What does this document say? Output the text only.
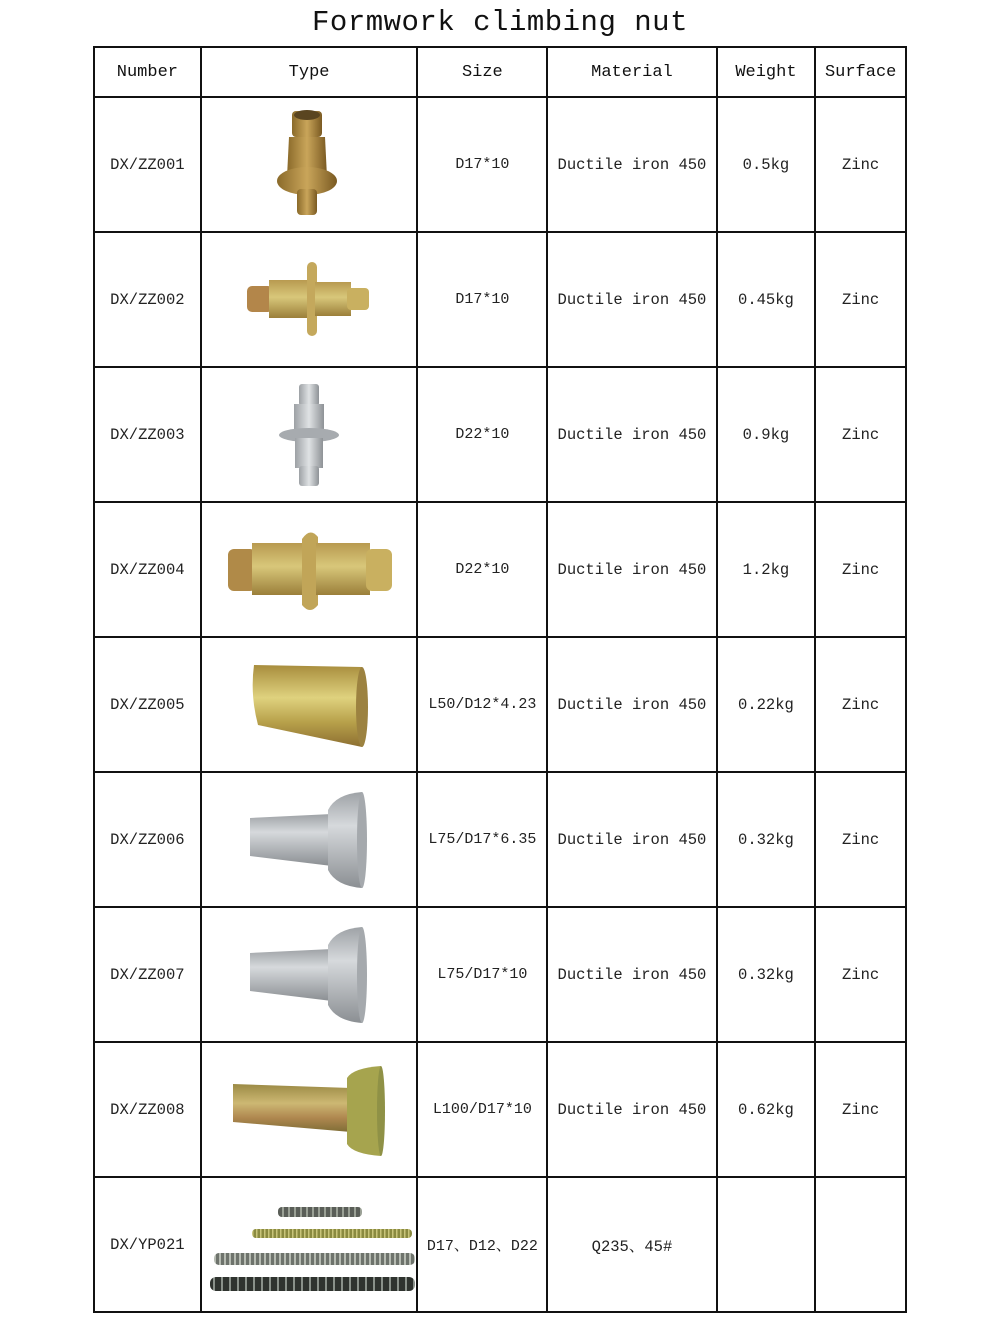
Formwork climbing nut
Number	Type	Size	Material	Weight	Surface
DX/ZZ001		D17*10	Ductile iron 450	0.5kg	Zinc
DX/ZZ002		D17*10	Ductile iron 450	0.45kg	Zinc
DX/ZZ003		D22*10	Ductile iron 450	0.9kg	Zinc
DX/ZZ004		D22*10	Ductile iron 450	1.2kg	Zinc
DX/ZZ005		L50/D12*4.23	Ductile iron 450	0.22kg	Zinc
DX/ZZ006		L75/D17*6.35	Ductile iron 450	0.32kg	Zinc
DX/ZZ007		L75/D17*10	Ductile iron 450	0.32kg	Zinc
DX/ZZ008		L100/D17*10	Ductile iron 450	0.62kg	Zinc
DX/YP021		D17、D12、D22	Q235、45#		
